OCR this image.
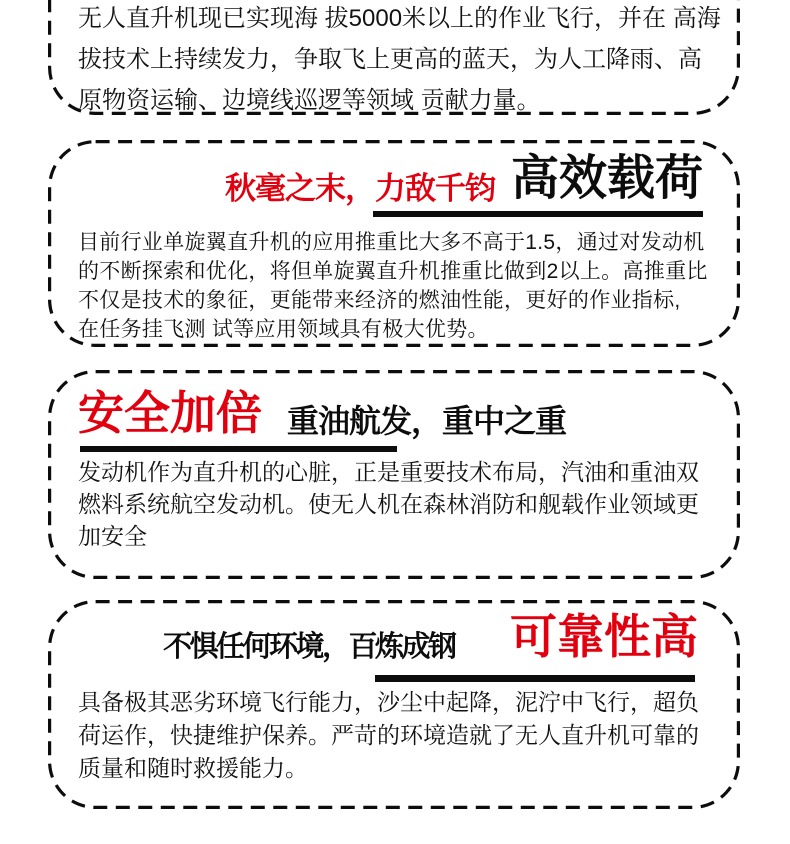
无人直升机现已实现海 拔5000米以上的作业飞行，并在 高海
拔技术上持续发力，争取飞上更高的蓝天，为人工降雨、高
原物资运输、边境线巡逻等领域 贡献力量。
秋毫之末，力敌千钧 高效载荷
目前行业单旋翼直升机的应用推重比大多不高于1.5，通过对发动机
的不断探索和优化，将但单旋翼直升机推重比做到2以上。高推重比
不仅是技术的象征，更能带来经济的燃油性能，更好的作业指标,
在任务挂飞测 试等应用领域具有极大优势。
安全加倍 重油航发，重中之重
发动机作为直升机的心脏，正是重要技术布局，汽油和重油双
燃料系统航空发动机。使无人机在森林消防和舰载作业领域更
加安全
不惧任何环境，百炼成钢 可靠性高
具备极其恶劣环境飞行能力，沙尘中起降，泥泞中飞行，超负
荷运作，快捷维护保养。严苛的环境造就了无人直升机可靠的
质量和随时救援能力。
